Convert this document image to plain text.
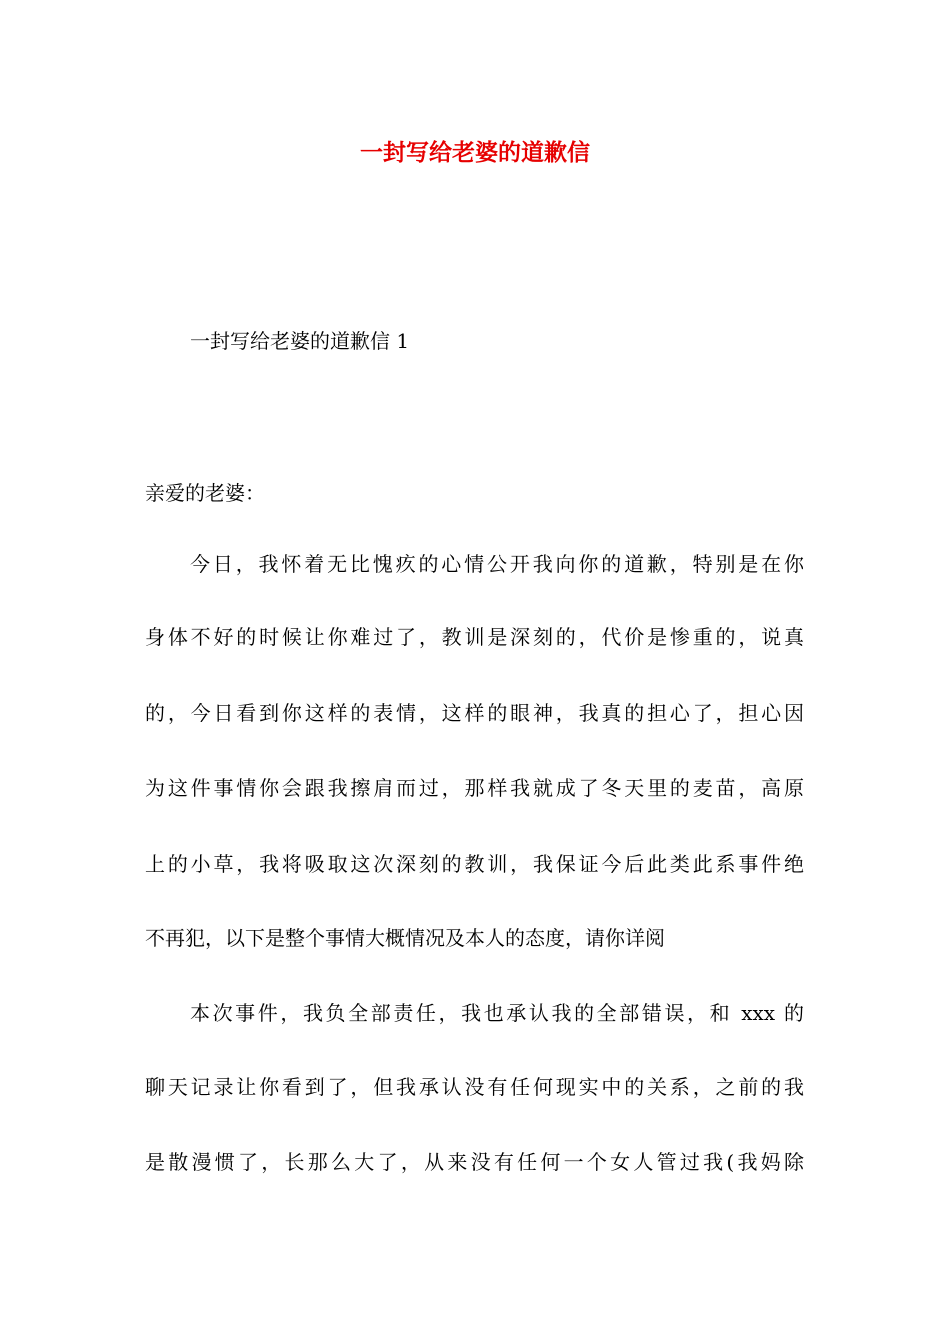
一封写给老婆的道歉信

一封写给老婆的道歉信 1

亲爱的老婆：

今日，我怀着无比愧疚的心情公开我向你的道歉，特别是在你

身体不好的时候让你难过了，教训是深刻的，代价是惨重的，说真

的，今日看到你这样的表情，这样的眼神，我真的担心了，担心因

为这件事情你会跟我擦肩而过，那样我就成了冬天里的麦苗，高原

上的小草，我将吸取这次深刻的教训，我保证今后此类此系事件绝

不再犯，以下是整个事情大概情况及本人的态度，请你详阅

本次事件，我负全部责任，我也承认我的全部错误，和 xxx 的

聊天记录让你看到了，但我承认没有任何现实中的关系，之前的我

是散漫惯了，长那么大了，从来没有任何一个女人管过我(我妈除
